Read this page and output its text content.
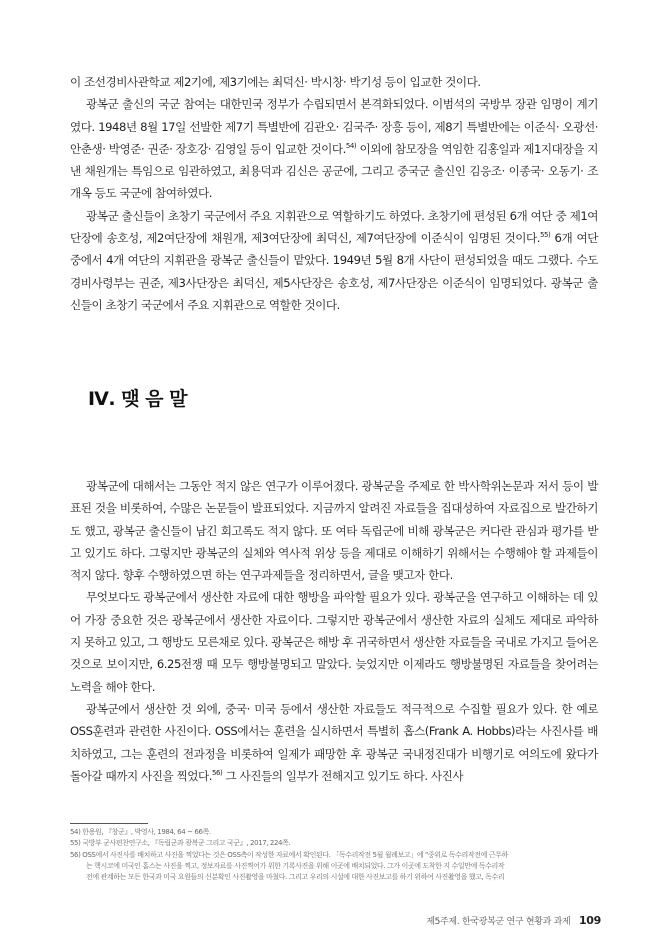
이 조선경비사관학교 제2기에, 제3기에는 최덕신· 박시창· 박기성 등이 입교한 것이다.

광복군 출신의 국군 참여는 대한민국 정부가 수립되면서 본격화되었다. 이범석의 국방부 장관 임명이 계기였다. 1948년 8월 17일 선발한 제7기 특별반에 김관오· 김국주· 장흥 등이, 제8기 특별반에는 이준식· 오광선· 안춘생· 박영준· 권준· 장호강· 김영일 등이 입교한 것이다.$^{54)}$ 이외에 참모장을 역임한 김홍일과 제1지대장을 지낸 채원개는 특임으로 임관하였고, 최용덕과 김신은 공군에, 그리고 중국군 출신인 김응조· 이종국· 오동기· 조개옥 등도 국군에 참여하였다.

광복군 출신들이 초창기 국군에서 주요 지휘관으로 역할하기도 하였다. 초창기에 편성된 6개 여단 중 제1여단장에 송호성, 제2여단장에 채원개, 제3여단장에 최덕신, 제7여단장에 이준식이 임명된 것이다.$^{55)}$ 6개 여단 중에서 4개 여단의 지휘관을 광복군 출신들이 맡았다. 1949년 5월 8개 사단이 편성되었을 때도 그랬다. 수도경비사령부는 권준, 제3사단장은 최덕신, 제5사단장은 송호성, 제7사단장은 이준식이 임명되었다. 광복군 출신들이 초창기 국군에서 주요 지휘관으로 역할한 것이다.

Ⅳ. 맺 음 말

광복군에 대해서는 그동안 적지 않은 연구가 이루어졌다. 광복군을 주제로 한 박사학위논문과 저서 등이 발표된 것을 비롯하여, 수많은 논문들이 발표되었다. 지금까지 알려진 자료들을 집대성하여 자료집으로 발간하기도 했고, 광복군 출신들이 남긴 회고록도 적지 않다. 또 여타 독립군에 비해 광복군은 커다란 관심과 평가를 받고 있기도 하다. 그렇지만 광복군의 실체와 역사적 위상 등을 제대로 이해하기 위해서는 수행해야 할 과제들이 적지 않다. 향후 수행하였으면 하는 연구과제들을 정리하면서, 글을 맺고자 한다.

무엇보다도 광복군에서 생산한 자료에 대한 행방을 파악할 필요가 있다. 광복군을 연구하고 이해하는 데 있어 가장 중요한 것은 광복군에서 생산한 자료이다. 그렇지만 광복군에서 생산한 자료의 실체도 제대로 파악하지 못하고 있고, 그 행방도 모른채로 있다. 광복군은 해방 후 귀국하면서 생산한 자료들을 국내로 가지고 들어온 것으로 보이지만, 6.25전쟁 때 모두 행방불명되고 말았다. 늦었지만 이제라도 행방불명된 자료들을 찾어려는 노력을 해야 한다.

광복군에서 생산한 것 외에, 중국· 미국 등에서 생산한 자료들도 적극적으로 수집할 필요가 있다. 한 예로 OSS훈련과 관련한 사진이다. OSS에서는 훈련을 실시하면서 특별히 홉스(Frank A. Hobbs)라는 사진사를 배치하였고, 그는 훈련의 전과정을 비롯하여 일제가 패망한 후 광복군 국내정진대가 비행기로 여의도에 왔다가 돌아갈 때까지 사진을 찍었다.$^{56)}$ 그 사진들의 일부가 전해지고 있기도 하다. 사진사

54) 한용원, 『창군』, 박영사, 1984, 64 ~ 66쪽.
55) 국방부 군사편찬연구소, 『독립군과 광복군 그리고 국군』, 2017, 224쪽.
56) OSS에서 사진사를 배치하고 사진을 찍었다는 것은 OSS측이 작성한 자료에서 확인된다. 「독수리작전 5월 월례보고」에 "중위로 독수리작전에 근무하
는 핵시코에 미국인 홉스는 사진을 찍고, 정보자료를 사진찍어가 위한 기록사진을 위해 이곳에 배치되었다. 그가 이곳에 도착한 지 수일만에 독수리작
전에 관계하는 모든 한국과 미국 요원들의 신분확인 사진촬영을 마쳤다. 그리고 우리의 시설에 대한 사진보고를 하기 위하여 사진촬영을 했고, 독수리
제5주제. 한국광복군 연구 현황과 과제 109
